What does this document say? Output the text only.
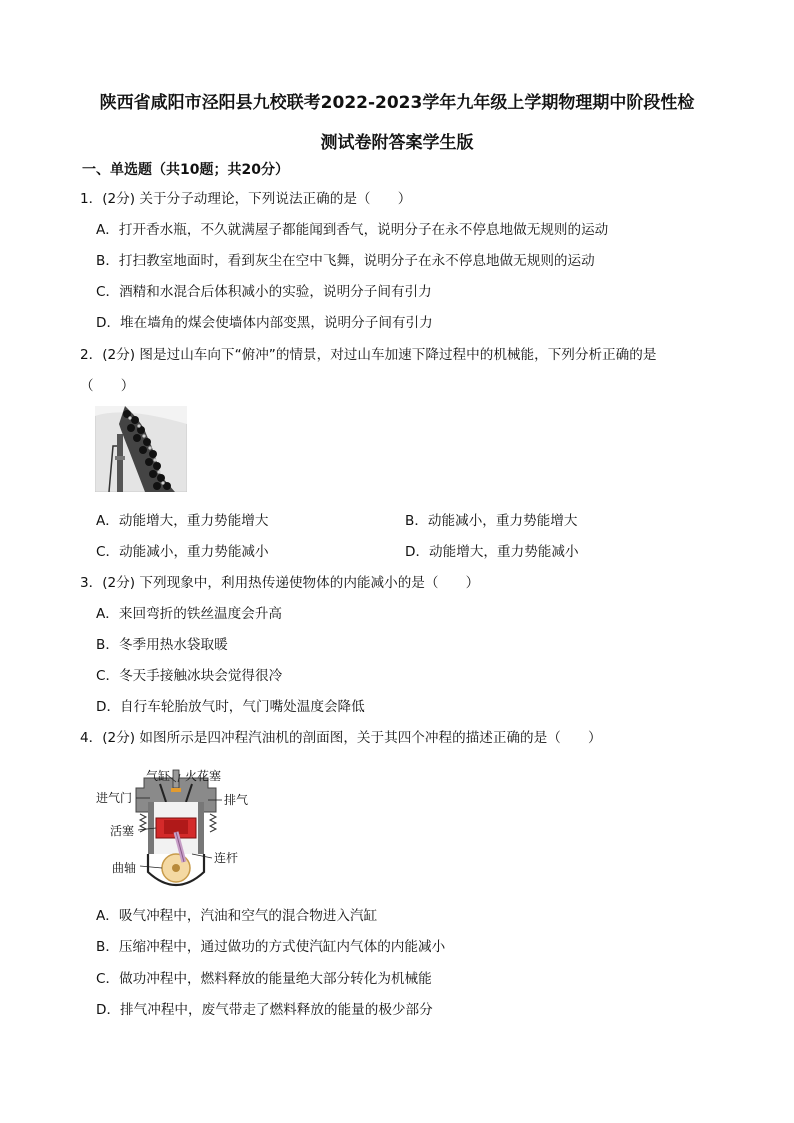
陕西省咸阳市泾阳县九校联考2022-2023学年九年级上学期物理期中阶段性检
测试卷附答案学生版
一、单选题（共10题；共20分）
1．(2分) 关于分子动理论，下列说法正确的是（　　）
A．打开香水瓶，不久就满屋子都能闻到香气，说明分子在永不停息地做无规则的运动
B．打扫教室地面时，看到灰尘在空中飞舞，说明分子在永不停息地做无规则的运动
C．酒精和水混合后体积减小的实验，说明分子间有引力
D．堆在墙角的煤会使墙体内部变黑，说明分子间有引力
2．(2分) 图是过山车向下“俯冲”的情景，对过山车加速下降过程中的机械能，下列分析正确的是
（　　）
A．动能增大，重力势能增大	B．动能减小，重力势能增大
C．动能减小，重力势能减小	D．动能增大，重力势能减小
3．(2分) 下列现象中，利用热传递使物体的内能减小的是（　　）
A．来回弯折的铁丝温度会升高
B．冬季用热水袋取暖
C．冬天手接触冰块会觉得很冷
D．自行车轮胎放气时，气门嘴处温度会降低
4．(2分) 如图所示是四冲程汽油机的剖面图，关于其四个冲程的描述正确的是（　　）
气缸 火花塞
进气门	排气
活塞
连杆
曲轴
A．吸气冲程中，汽油和空气的混合物进入汽缸
B．压缩冲程中，通过做功的方式使汽缸内气体的内能减小
C．做功冲程中，燃料释放的能量绝大部分转化为机械能
D．排气冲程中，废气带走了燃料释放的能量的极少部分
